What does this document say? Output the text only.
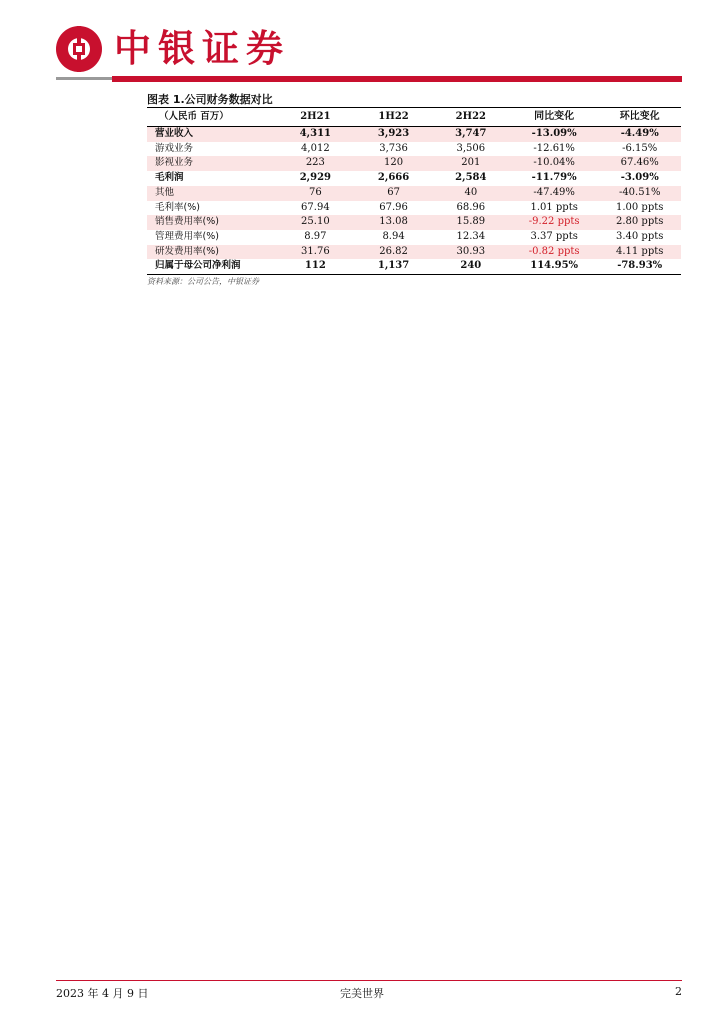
中银证券
图表 1.公司财务数据对比
（人民币 百万）	2H21	1H22	2H22	同比变化	环比变化
营业收入	4,311	3,923	3,747	-13.09%	-4.49%
游戏业务	4,012	3,736	3,506	-12.61%	-6.15%
影视业务	223	120	201	-10.04%	67.46%
毛利润	2,929	2,666	2,584	-11.79%	-3.09%
其他	76	67	40	-47.49%	-40.51%
毛利率(%)	67.94	67.96	68.96	1.01 ppts	1.00 ppts
销售费用率(%)	25.10	13.08	15.89	-9.22 ppts	2.80 ppts
管理费用率(%)	8.97	8.94	12.34	3.37 ppts	3.40 ppts
研发费用率(%)	31.76	26.82	30.93	-0.82 ppts	4.11 ppts
归属于母公司净利润	112	1,137	240	114.95%	-78.93%
资料来源：公司公告，中银证券
2023 年 4 月 9 日	完美世界	2
